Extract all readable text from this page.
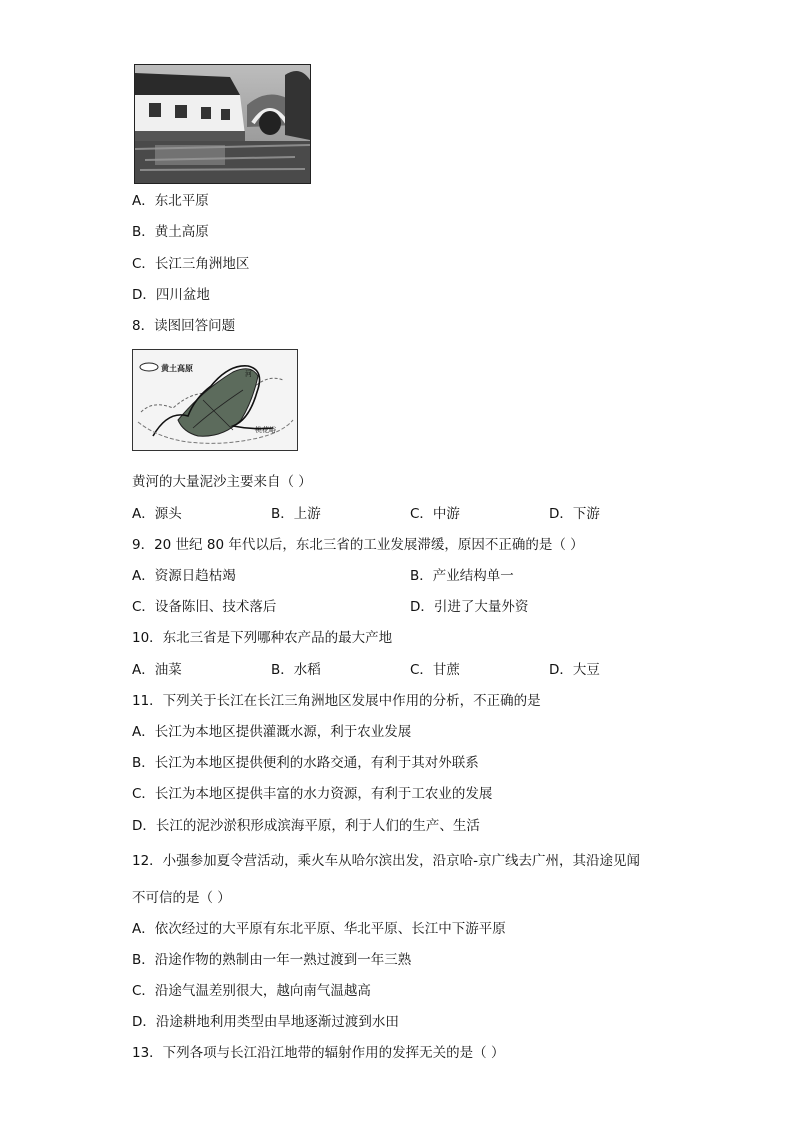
A．东北平原
B．黄土高原
C．长江三角洲地区
D．四川盆地
8．读图回答问题
黄土高原
河
桃花峪
黄河的大量泥沙主要来自（ ）
A．源头	B．上游	C．中游	D．下游
9．20 世纪 80 年代以后，东北三省的工业发展滞缓，原因不正确的是（ ）
A．资源日趋枯竭	B．产业结构单一
C．设备陈旧、技术落后	D．引进了大量外资
10．东北三省是下列哪种农产品的最大产地
A．油菜	B．水稻	C．甘蔗	D．大豆
11．下列关于长江在长江三角洲地区发展中作用的分析，不正确的是
A．长江为本地区提供灌溉水源，利于农业发展
B．长江为本地区提供便利的水路交通，有利于其对外联系
C．长江为本地区提供丰富的水力资源，有利于工农业的发展
D．长江的泥沙淤积形成滨海平原，利于人们的生产、生活
12．小强参加夏令营活动，乘火车从哈尔滨出发，沿京哈-京广线去广州，其沿途见闻
不可信的是（ ）
A．依次经过的大平原有东北平原、华北平原、长江中下游平原
B．沿途作物的熟制由一年一熟过渡到一年三熟
C．沿途气温差别很大，越向南气温越高
D．沿途耕地利用类型由旱地逐渐过渡到水田
13．下列各项与长江沿江地带的辐射作用的发挥无关的是（ ）
